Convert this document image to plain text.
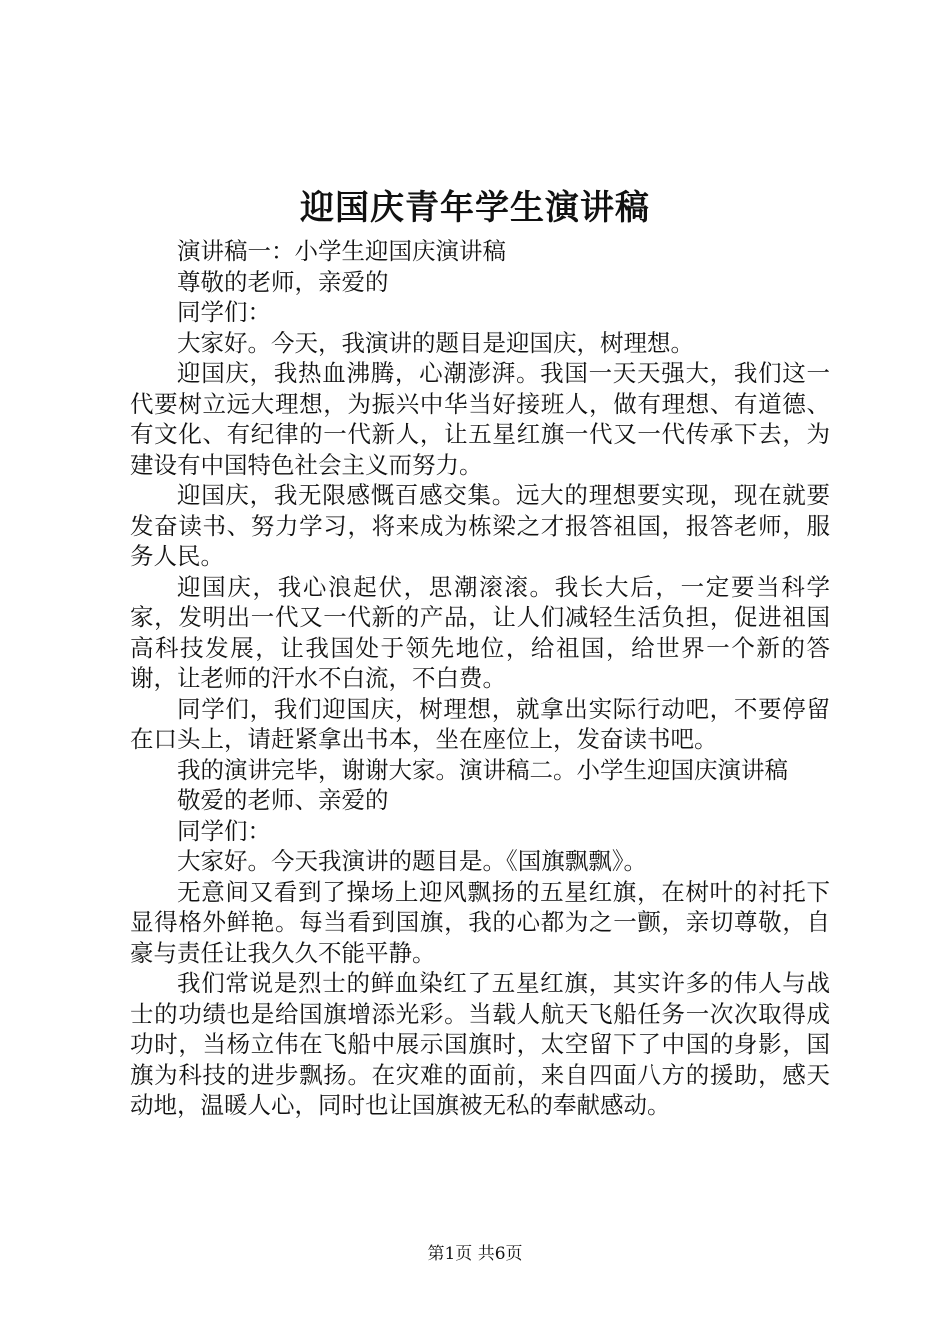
迎国庆青年学生演讲稿

演讲稿一：小学生迎国庆演讲稿

尊敬的老师，亲爱的

同学们：

大家好。今天，我演讲的题目是迎国庆，树理想。

迎国庆，我热血沸腾，心潮澎湃。我国一天天强大，我们这一代要树立远大理想，为振兴中华当好接班人，做有理想、有道德、有文化、有纪律的一代新人，让五星红旗一代又一代传承下去，为建设有中国特色社会主义而努力。

迎国庆，我无限感慨百感交集。远大的理想要实现，现在就要发奋读书、努力学习，将来成为栋梁之才报答祖国，报答老师，服务人民。

迎国庆，我心浪起伏，思潮滚滚。我长大后，一定要当科学家，发明出一代又一代新的产品，让人们减轻生活负担，促进祖国高科技发展，让我国处于领先地位，给祖国，给世界一个新的答谢，让老师的汗水不白流，不白费。

同学们，我们迎国庆，树理想，就拿出实际行动吧，不要停留在口头上，请赶紧拿出书本，坐在座位上，发奋读书吧。

我的演讲完毕，谢谢大家。演讲稿二。小学生迎国庆演讲稿

敬爱的老师、亲爱的

同学们：

大家好。今天我演讲的题目是。《国旗飘飘》。

无意间又看到了操场上迎风飘扬的五星红旗，在树叶的衬托下显得格外鲜艳。每当看到国旗，我的心都为之一颤，亲切尊敬，自豪与责任让我久久不能平静。

我们常说是烈士的鲜血染红了五星红旗，其实许多的伟人与战士的功绩也是给国旗增添光彩。当载人航天飞船任务一次次取得成功时，当杨立伟在飞船中展示国旗时，太空留下了中国的身影，国旗为科技的进步飘扬。在灾难的面前，来自四面八方的援助，感天动地，温暖人心，同时也让国旗被无私的奉献感动。

第1页 共6页
